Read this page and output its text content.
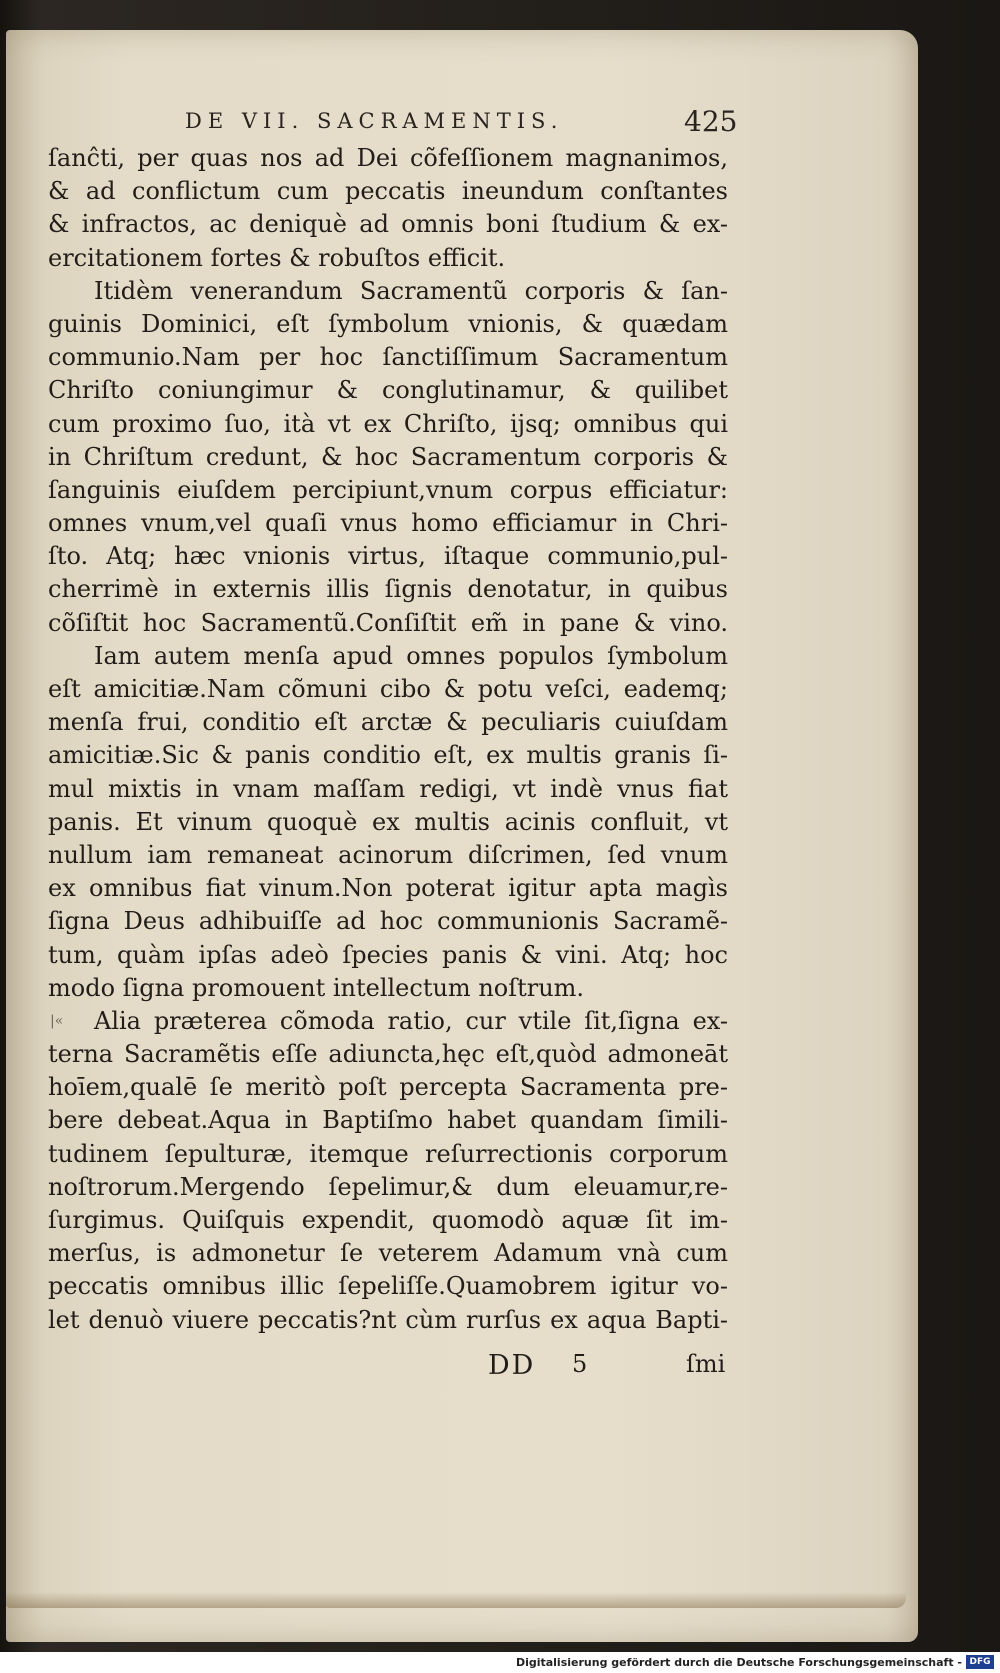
DE VII. SACRAMENTIS.	425
ſanĉti, per quas nos ad Dei cõfeſſionem magnanimos,
& ad conflictum cum peccatis ineundum conſtantes
& infractos, ac deniquè ad omnis boni ſtudium & ex-
ercitationem fortes & robuſtos efficit.
Itidèm venerandum Sacramentũ corporis & ſan-
guinis Dominici, eſt ſymbolum vnionis, & quædam
communio.Nam per hoc ſanctiſſimum Sacramentum
Chriſto coniungimur & conglutinamur, & quilibet
cum proximo ſuo, ità vt ex Chriſto, ijsq; omnibus qui
in Chriſtum credunt, & hoc Sacramentum corporis &
ſanguinis eiuſdem percipiunt,vnum corpus efficiatur:
omnes vnum,vel quaſi vnus homo efficiamur in Chri-
ſto. Atq; hæc vnionis virtus, iſtaque communio,pul-
cherrimè in externis illis ſignis denotatur, in quibus
cõſiſtit hoc Sacramentũ.Conſiſtit em̃ in pane & vino.
Iam autem menſa apud omnes populos ſymbolum
eſt amicitiæ.Nam cõmuni cibo & potu veſci, eademq;
menſa frui, conditio eſt arctæ & peculiaris cuiuſdam
amicitiæ.Sic & panis conditio eſt, ex multis granis ſi-
mul mixtis in vnam maſſam redigi, vt indè vnus fiat
panis. Et vinum quoquè ex multis acinis confluit, vt
nullum iam remaneat acinorum diſcrimen, ſed vnum
ex omnibus fiat vinum.Non poterat igitur apta magìs
ſigna Deus adhibuiſſe ad hoc communionis Sacramẽ-
tum, quàm ipſas adeò ſpecies panis & vini. Atq; hoc
modo ſigna promouent intellectum noſtrum.
|« Alia præterea cõmoda ratio, cur vtile ſit,ſigna ex-
terna Sacramẽtis eſſe adiuncta,hęc eſt,quòd admoneāt
hoīem,qualē ſe meritò poſt percepta Sacramenta pre-
bere debeat.Aqua in Baptiſmo habet quandam ſimili-
tudinem ſepulturæ, itemque reſurrectionis corporum
noſtrorum.Mergendo ſepelimur,& dum eleuamur,re-
ſurgimus. Quiſquis expendit, quomodò aquæ ſit im-
merſus, is admonetur ſe veterem Adamum vnà cum
peccatis omnibus illic ſepeliſſe.Quamobrem igitur vo-
let denuò viuere peccatis?nt cùm rurſus ex aqua Bapti-
DD 5	ſmi
Digitalisierung gefördert durch die Deutsche Forschungsgemeinschaft - DFG
